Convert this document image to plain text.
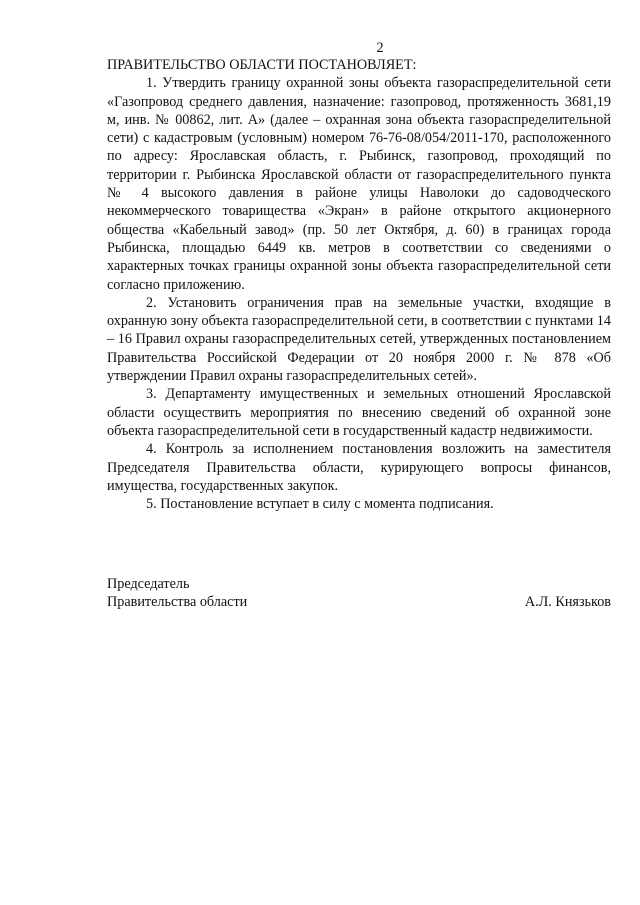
2

ПРАВИТЕЛЬСТВО ОБЛАСТИ ПОСТАНОВЛЯЕТ:

1. Утвердить границу охранной зоны объекта газораспределительной сети «Газопровод среднего давления, назначение: газопровод, протяженность 3681,19 м, инв. № 00862, лит. А» (далее – охранная зона объекта газораспределительной сети) с кадастровым (условным) номером 76-76-08/054/2011-170, расположенного по адресу: Ярославская область, г. Рыбинск, газопровод, проходящий по территории г. Рыбинска Ярославской области от газораспределительного пункта № 4 высокого давления в районе улицы Наволоки до садоводческого некоммерческого товарищества «Экран» в районе открытого акционерного общества «Кабельный завод» (пр. 50 лет Октября, д. 60) в границах города Рыбинска, площадью 6449 кв. метров в соответствии со сведениями о характерных точках границы охранной зоны объекта газораспределительной сети согласно приложению.

2. Установить ограничения прав на земельные участки, входящие в охранную зону объекта газораспределительной сети, в соответствии с пунктами 14 – 16 Правил охраны газораспределительных сетей, утвержденных постановлением Правительства Российской Федерации от 20 ноября 2000 г. № 878 «Об утверждении Правил охраны газораспределительных сетей».

3. Департаменту имущественных и земельных отношений Ярославской области осуществить мероприятия по внесению сведений об охранной зоне объекта газораспределительной сети в государственный кадастр недвижимости.

4. Контроль за исполнением постановления возложить на заместителя Председателя Правительства области, курирующего вопросы финансов, имущества, государственных закупок.

5. Постановление вступает в силу с момента подписания.

Председатель
Правительства области	А.Л. Князьков
